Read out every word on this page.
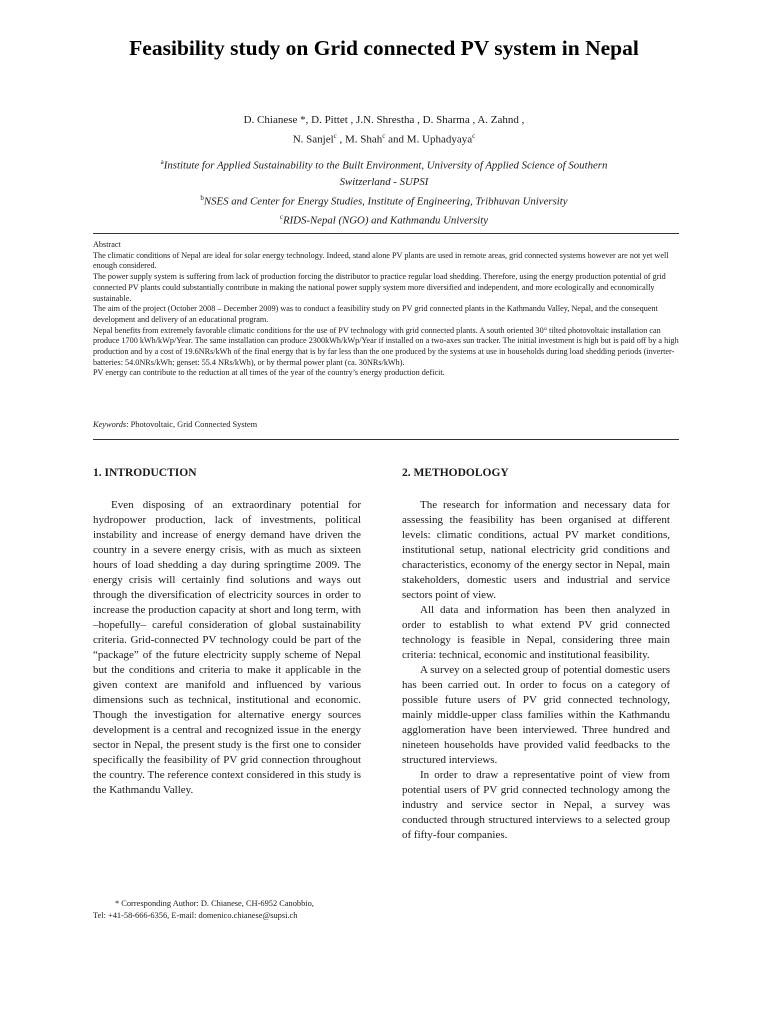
Feasibility study on Grid connected PV system in Nepal
D. Chianese *, D. Pittet , J.N. Shrestha , D. Sharma , A. Zahnd ,
N. Sanjel$^c$ , M. Shah$^c$ and M. Uphadyaya$^c$
$^a$Institute for Applied Sustainability to the Built Environment, University of Applied Science of Southern
Switzerland - SUPSI
$^b$NSES and Center for Energy Studies, Institute of Engineering, Tribhuvan University
$^c$RIDS-Nepal (NGO) and Kathmandu University

Abstract

The climatic conditions of Nepal are ideal for solar energy technology. Indeed, stand alone PV plants are used in remote areas, grid connected systems however are not yet well enough considered.

The power supply system is suffering from lack of production forcing the distributor to practice regular load shedding. Therefore, using the energy production potential of grid connected PV plants could substantially contribute in making the national power supply system more diversified and independent, and more ecologically and economically sustainable.

The aim of the project (October 2008 – December 2009) was to conduct a feasibility study on PV grid connected plants in the Kathmandu Valley, Nepal, and the consequent development and delivery of an educational program.

Nepal benefits from extremely favorable climatic conditions for the use of PV technology with grid connected plants. A south oriented 30° tilted photovoltaic installation can produce 1700 kWh/kWp/Year. The same installation can produce 2300kWh/kWp/Year if installed on a two-axes sun tracker. The initial investment is high but is paid off by a high production and by a cost of 19.6NRs/kWh of the final energy that is by far less than the one produced by the systems at use in households during load shedding periods (inverter-batteries: 54.0NRs/kWh; genset: 55.4 NRs/kWh), or by thermal power plant (ca. 30NRs/kWh).

PV energy can contribute to the reduction at all times of the year of the country’s energy production deficit.

Keywords: Photovoltaic, Grid Connected System
1. INTRODUCTION

Even disposing of an extraordinary potential for hydropower production, lack of investments, political instability and increase of energy demand have driven the country in a severe energy crisis, with as much as sixteen hours of load shedding a day during springtime 2009. The energy crisis will certainly find solutions and ways out through the diversification of electricity sources in order to increase the production capacity at short and long term, with –hopefully– careful consideration of global sustainability criteria. Grid-connected PV technology could be part of the “package” of the future electricity supply scheme of Nepal but the conditions and criteria to make it applicable in the given context are manifold and influenced by various dimensions such as technical, institutional and economic. Though the investigation for alternative energy sources development is a central and recognized issue in the energy sector in Nepal, the present study is the first one to consider specifically the feasibility of PV grid connection throughout the country. The reference context considered in this study is the Kathmandu Valley.

2. METHODOLOGY

The research for information and necessary data for assessing the feasibility has been organised at different levels: climatic conditions, actual PV market conditions, institutional setup, national electricity grid conditions and characteristics, economy of the energy sector in Nepal, main stakeholders, domestic users and industrial and service sectors point of view.

All data and information has been then analyzed in order to establish to what extend PV grid connected technology is feasible in Nepal, considering three main criteria: technical, economic and institutional feasibility.

A survey on a selected group of potential domestic users has been carried out. In order to focus on a category of possible future users of PV grid connected technology, mainly middle-upper class families within the Kathmandu agglomeration have been interviewed. Three hundred and nineteen households have provided valid feedbacks to the structured interviews.

In order to draw a representative point of view from potential users of PV grid connected technology among the industry and service sector in Nepal, a survey was conducted through structured interviews to a selected group of fifty-four companies.

* Corresponding Author: D. Chianese, CH-6952 Canobbio,
Tel: +41-58-666-6356, E-mail: domenico.chianese@supsi.ch
